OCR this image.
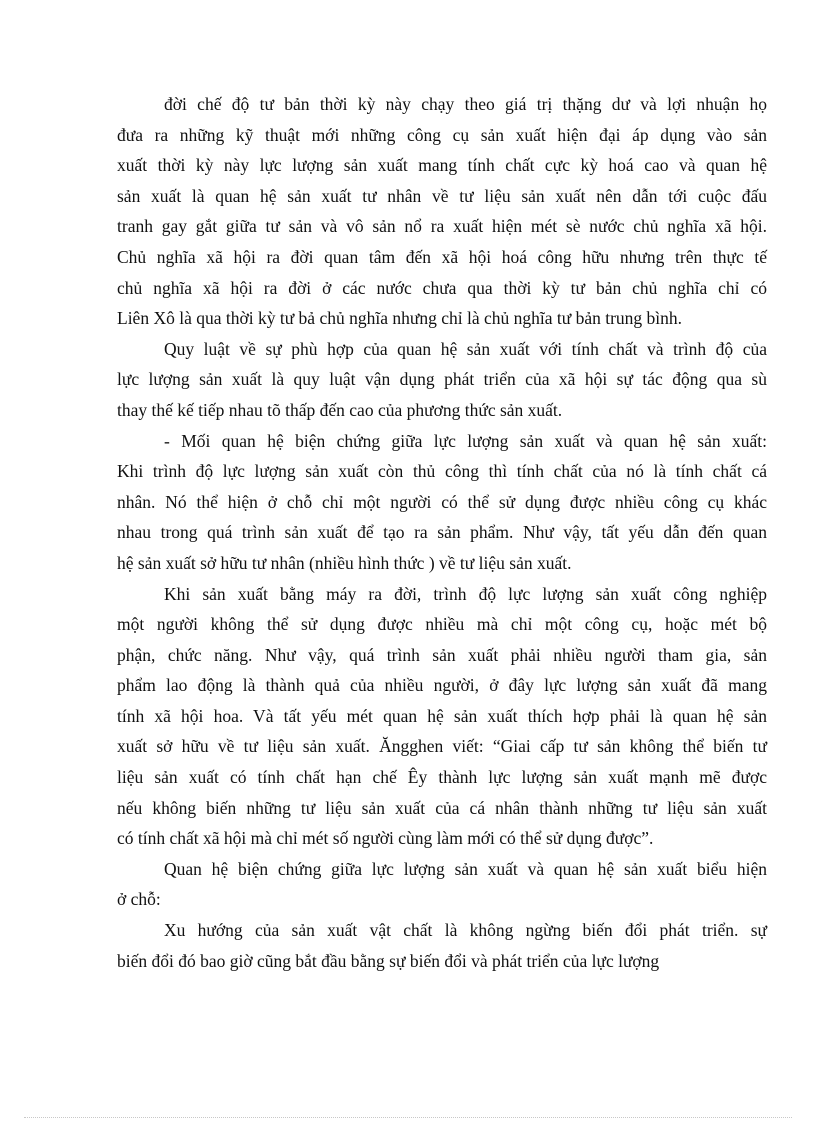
đời chế độ tư bản thời kỳ này chạy theo giá trị thặng dư và lợi nhuận họ
đưa ra những kỹ thuật mới những công cụ sản xuất hiện đại áp dụng vào sản
xuất thời kỳ này lực lượng sản xuất mang tính chất cực kỳ hoá cao và quan hệ
sản xuất là quan hệ sản xuất tư nhân về tư liệu sản xuất nên dẫn tới cuộc đấu
tranh gay gắt giữa tư sản và vô sản nổ ra xuất hiện mét sè nước chủ nghĩa xã hội.
Chủ nghĩa xã hội ra đời quan tâm đến xã hội hoá công hữu nhưng trên thực tế
chủ nghĩa xã hội ra đời ở các nước chưa qua thời kỳ tư bản chủ nghĩa chỉ có
Liên Xô là qua thời kỳ tư bả chủ nghĩa nhưng chỉ là chủ nghĩa tư bản trung bình.
Quy luật về sự phù hợp của quan hệ sản xuất với tính chất và trình độ của
lực lượng sản xuất là quy luật vận dụng phát triển của xã hội sự tác động qua sù
thay thế kế tiếp nhau tõ thấp đến cao của phương thức sản xuất.
- Mối quan hệ biện chứng giữa lực lượng sản xuất và quan hệ sản xuất:
Khi trình độ lực lượng sản xuất còn thủ công thì tính chất của nó là tính chất cá
nhân. Nó thể hiện ở chỗ chỉ một người có thể sử dụng được nhiều công cụ khác
nhau trong quá trình sản xuất để tạo ra sản phẩm. Như vậy, tất yếu dẫn đến quan
hệ sản xuất sở hữu tư nhân (nhiều hình thức ) về tư liệu sản xuất.
Khi sản xuất bằng máy ra đời, trình độ lực lượng sản xuất công nghiệp
một người không thể sử dụng được nhiều mà chỉ một công cụ, hoặc mét bộ
phận, chức năng. Như vậy, quá trình sản xuất phải nhiều người tham gia, sản
phẩm lao động là thành quả của nhiều người, ở đây lực lượng sản xuất đã mang
tính xã hội hoa. Và tất yếu mét quan hệ sản xuất thích hợp phải là quan hệ sản
xuất sở hữu về tư liệu sản xuất. Ăngghen viết: “Giai cấp tư sản không thể biến tư
liệu sản xuất có tính chất hạn chế Êy thành lực lượng sản xuất mạnh mẽ được
nếu không biến những tư liệu sản xuất của cá nhân thành những tư liệu sản xuất
có tính chất xã hội mà chỉ mét số người cùng làm mới có thể sử dụng được”.
Quan hệ biện chứng giữa lực lượng sản xuất và quan hệ sản xuất biểu hiện
ở chỗ:
Xu hướng của sản xuất vật chất là không ngừng biến đổi phát triển. sự
biến đổi đó bao giờ cũng bắt đầu bằng sự biến đổi và phát triển của lực lượng
